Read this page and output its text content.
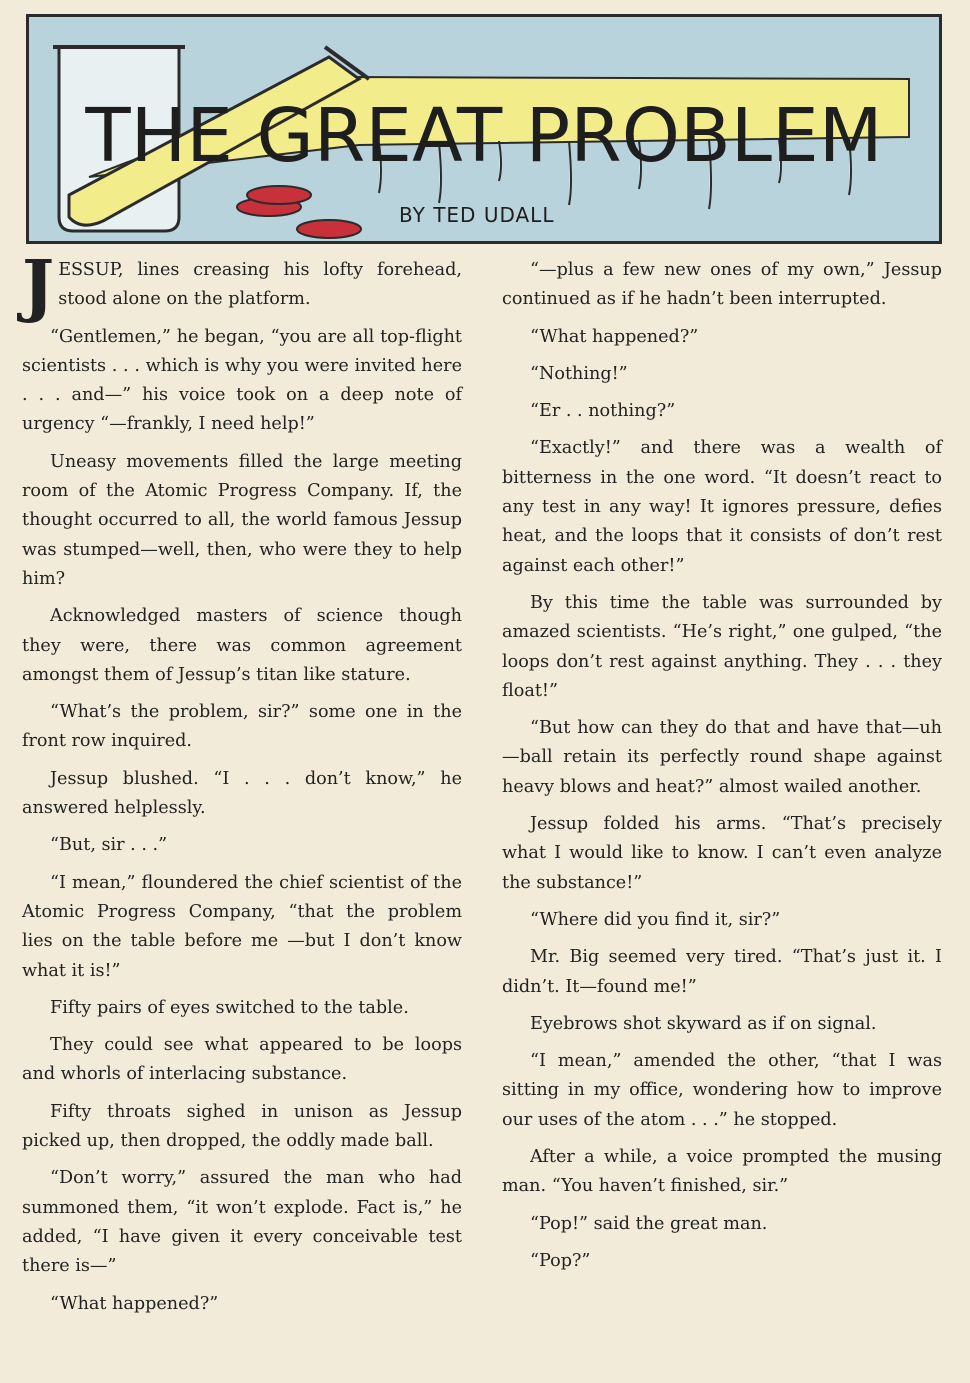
THE GREAT PROBLEM
BY TED UDALL

JESSUP, lines creasing his lofty forehead, stood alone on the platform.

“Gentlemen,” he began, “you are all top-flight scientists . . . which is why you were invited here . . . and—” his voice took on a deep note of urgency “—frankly, I need help!”

Uneasy movements filled the large meeting room of the Atomic Progress Company. If, the thought occurred to all, the world famous Jessup was stumped—well, then, who were they to help him?

Acknowledged masters of science though they were, there was common agreement amongst them of Jessup’s titan like stature.

“What’s the problem, sir?” some one in the front row inquired.

Jessup blushed. “I . . . don’t know,” he answered helplessly.

“But, sir . . .”

“I mean,” floundered the chief scientist of the Atomic Progress Company, “that the problem lies on the table before me —but I don’t know what it is!”

Fifty pairs of eyes switched to the table.

They could see what appeared to be loops and whorls of interlacing substance.

Fifty throats sighed in unison as Jessup picked up, then dropped, the oddly made ball.

“Don’t worry,” assured the man who had summoned them, “it won’t explode. Fact is,” he added, “I have given it every conceivable test there is—”

“What happened?”

“—plus a few new ones of my own,” Jessup continued as if he hadn’t been interrupted.

“What happened?”

“Nothing!”

“Er . . nothing?”

“Exactly!” and there was a wealth of bitterness in the one word. “It doesn’t react to any test in any way! It ignores pressure, defies heat, and the loops that it consists of don’t rest against each other!”

By this time the table was surrounded by amazed scientists. “He’s right,” one gulped, “the loops don’t rest against anything. They . . . they float!”

“But how can they do that and have that—uh—ball retain its perfectly round shape against heavy blows and heat?” almost wailed another.

Jessup folded his arms. “That’s precisely what I would like to know. I can’t even analyze the substance!”

“Where did you find it, sir?”

Mr. Big seemed very tired. “That’s just it. I didn’t. It—found me!”

Eyebrows shot skyward as if on signal.

“I mean,” amended the other, “that I was sitting in my office, wondering how to improve our uses of the atom . . .” he stopped.

After a while, a voice prompted the musing man. “You haven’t finished, sir.”

“Pop!” said the great man.

“Pop?”
